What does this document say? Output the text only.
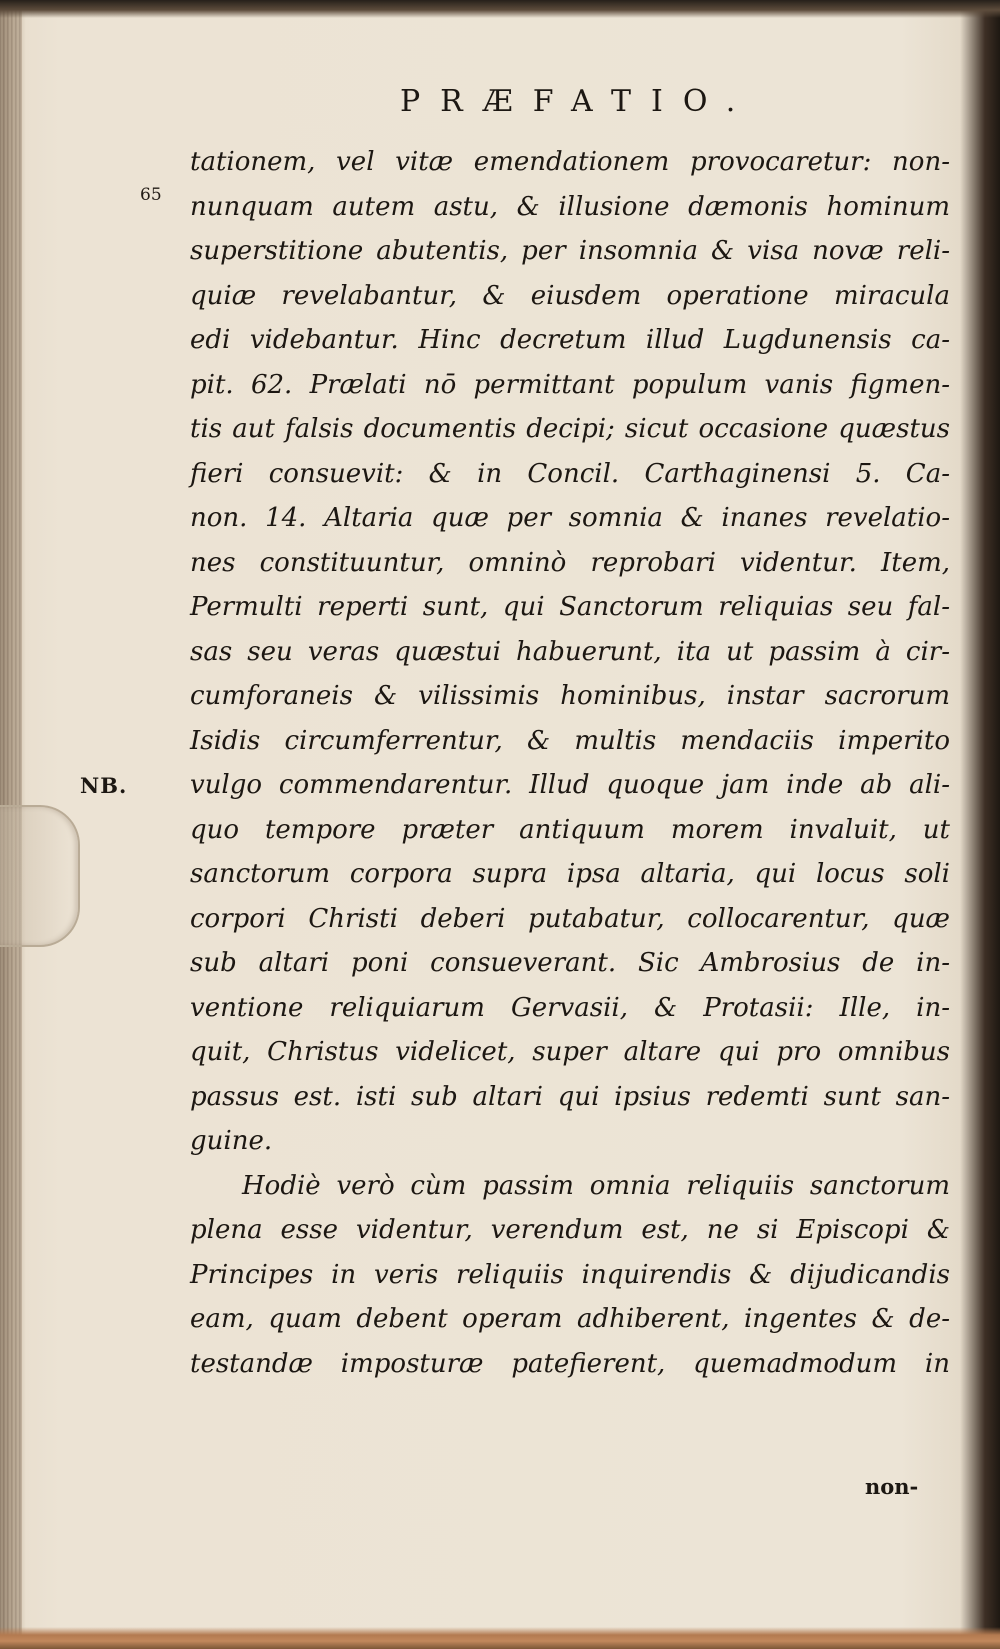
PRÆFATIO.
65
NB.
tationem, vel vitæ emendationem provocaretur: non-
nunquam autem astu, & illusione dæmonis hominum
superstitione abutentis, per insomnia & visa novæ reli-
quiæ revelabantur, & eiusdem operatione miracula
edi videbantur. Hinc decretum illud Lugdunensis ca-
pit. 62. Prælati nō permittant populum vanis figmen-
tis aut falsis documentis decipi; sicut occasione quæstus
fieri consuevit: & in Concil. Carthaginensi 5. Ca-
non. 14. Altaria quæ per somnia & inanes revelatio-
nes constituuntur, omninò reprobari videntur. Item,
Permulti reperti sunt, qui Sanctorum reliquias seu fal-
sas seu veras quæstui habuerunt, ita ut passim à cir-
cumforaneis & vilissimis hominibus, instar sacrorum
Isidis circumferrentur, & multis mendaciis imperito
vulgo commendarentur. Illud quoque jam inde ab ali-
quo tempore præter antiquum morem invaluit, ut
sanctorum corpora supra ipsa altaria, qui locus soli
corpori Christi deberi putabatur, collocarentur, quæ
sub altari poni consueverant. Sic Ambrosius de in-
ventione reliquiarum Gervasii, & Protasii: Ille, in-
quit, Christus videlicet, super altare qui pro omnibus
passus est. isti sub altari qui ipsius redemti sunt san-
guine.
Hodiè verò cùm passim omnia reliquiis sanctorum
plena esse videntur, verendum est, ne si Episcopi &
Principes in veris reliquiis inquirendis & dijudicandis
eam, quam debent operam adhiberent, ingentes & de-
testandæ imposturæ patefierent, quemadmodum in
non-
